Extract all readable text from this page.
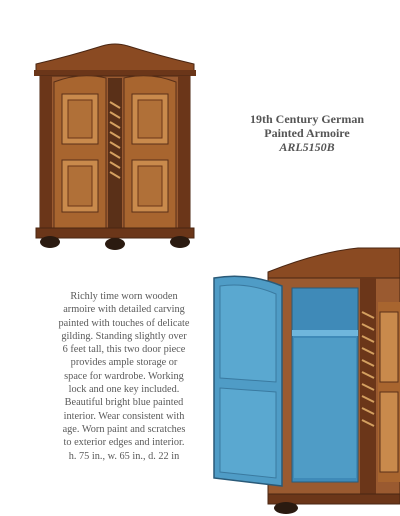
19th Century German
Painted Armoire
ARL5150B
Richly time worn wooden
armoire with detailed carving
painted with touches of delicate
gilding. Standing slightly over
6 feet tall, this two door piece
provides ample storage or
space for wardrobe. Working
lock and one key included.
Beautiful bright blue painted
interior. Wear consistent with
age. Worn paint and scratches
to exterior edges and interior.
h. 75 in., w. 65 in., d. 22 in
